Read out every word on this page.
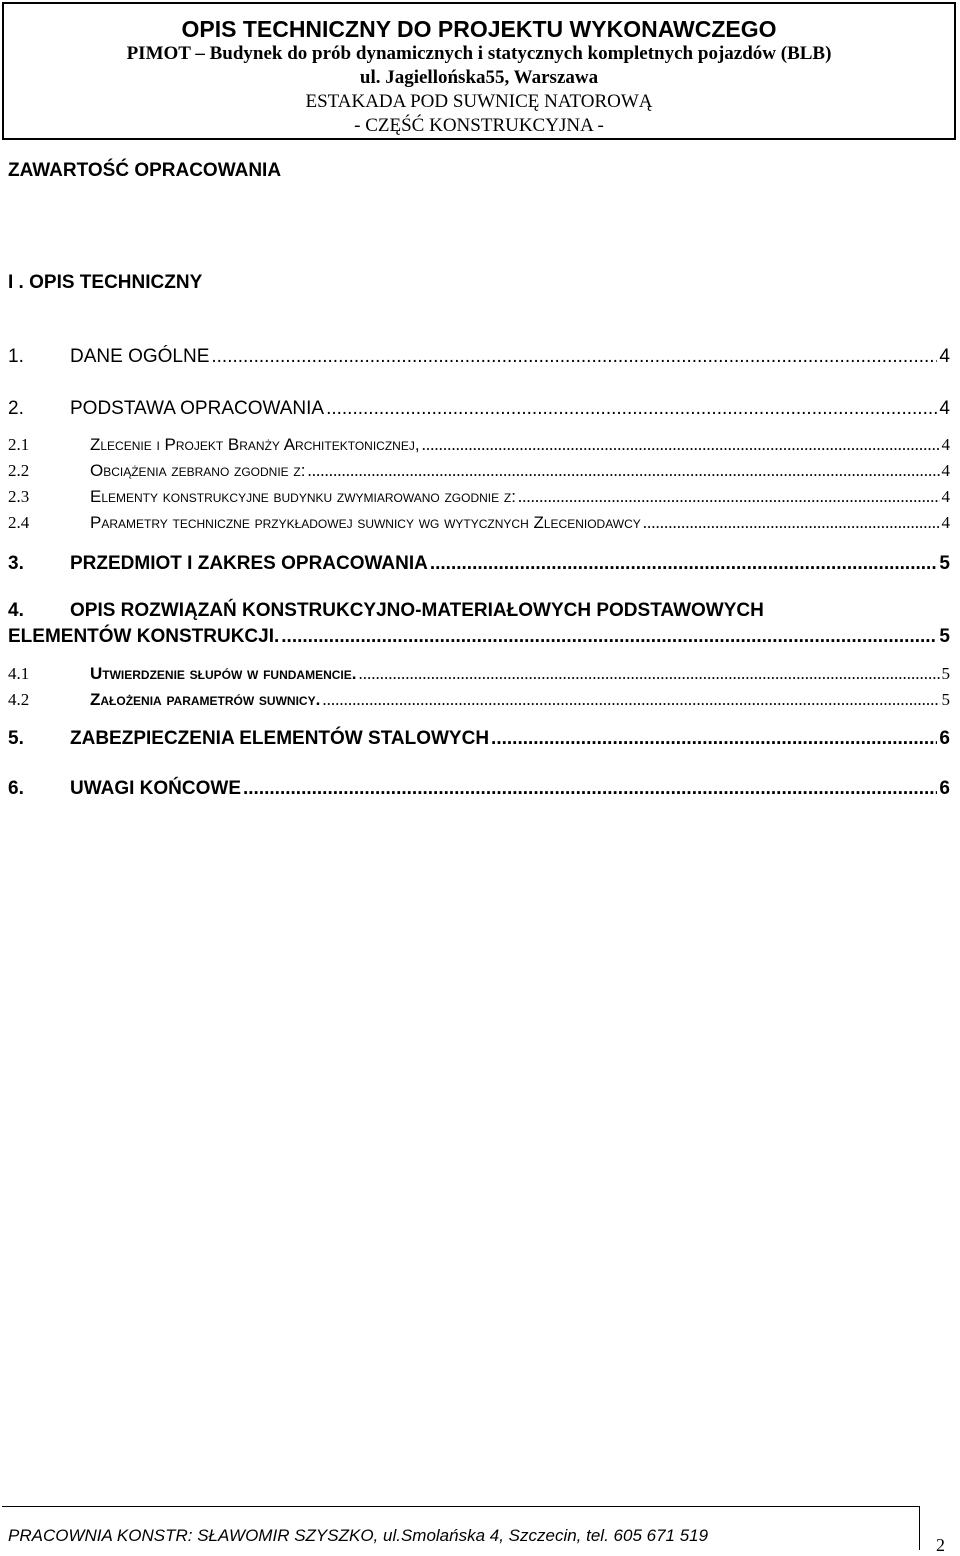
OPIS TECHNICZNY DO PROJEKTU WYKONAWCZEGO
PIMOT – Budynek do prób dynamicznych i statycznych kompletnych pojazdów (BLB)
ul. Jagiellońska55, Warszawa
ESTAKADA POD SUWNICĘ NATOROWĄ
- CZĘŚĆ KONSTRUKCYJNA -
ZAWARTOŚĆ OPRACOWANIA
I . OPIS TECHNICZNY
1.	DANE OGÓLNE .....	4
2.	PODSTAWA OPRACOWANIA .....	4
2.1	Zlecenie i Projekt Branży Architektonicznej, .....	4
2.2	Obciążenia zebrano zgodnie z: .....	4
2.3	Elementy konstrukcyjne budynku zwymiarowano zgodnie z: .....	4
2.4	Parametry techniczne przykładowej suwnicy wg wytycznych Zleceniodawcy .....	4
3.	PRZEDMIOT I ZAKRES OPRACOWANIA .....	5
4.	OPIS ROZWIĄZAŃ KONSTRUKCYJNO-MATERIAŁOWYCH PODSTAWOWYCH
ELEMENTÓW KONSTRUKCJI. .....	5
4.1	Utwierdzenie słupów w fundamencie. .....	5
4.2	Założenia parametrów suwnicy. .....	5
5.	ZABEZPIECZENIA ELEMENTÓW STALOWYCH .....	6
6.	UWAGI KOŃCOWE .....	6
PRACOWNIA KONSTR: SŁAWOMIR SZYSZKO, ul.Smolańska 4, Szczecin, tel. 605 671 519	2
